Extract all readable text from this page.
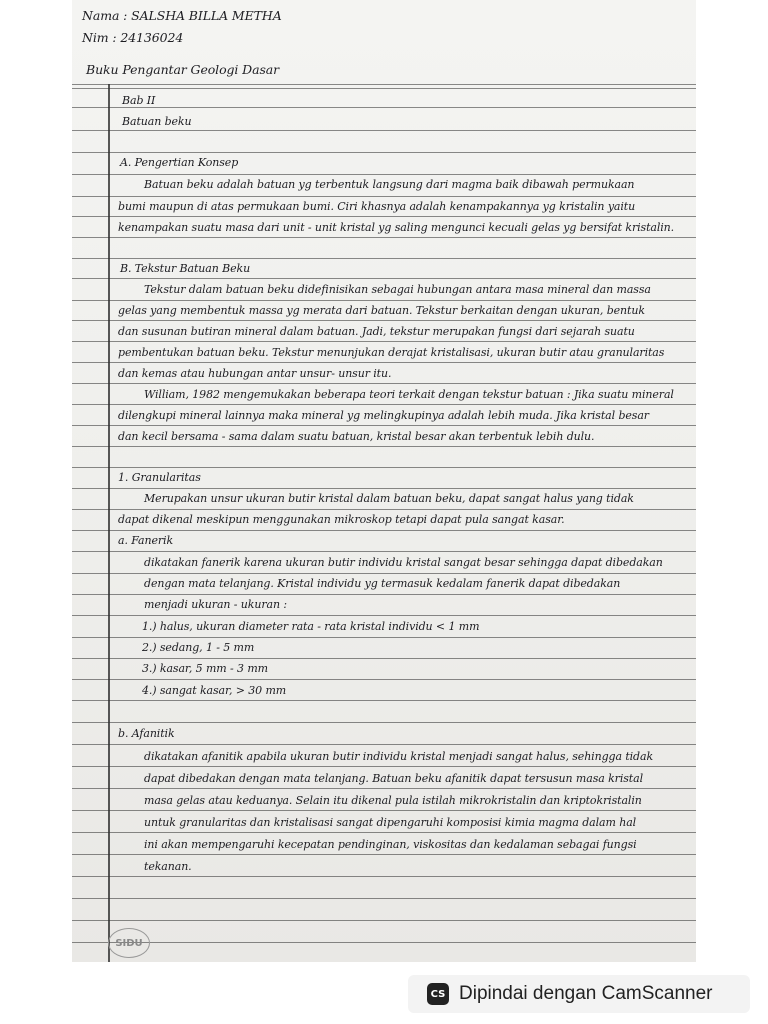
Nama : SALSHA BILLA METHA
Nim : 24136024
Buku Pengantar Geologi Dasar
Bab II
Batuan beku
A. Pengertian Konsep
Batuan beku adalah batuan yg terbentuk langsung dari magma baik dibawah permukaan
bumi maupun di atas permukaan bumi. Ciri khasnya adalah kenampakannya yg kristalin yaitu
kenampakan suatu masa dari unit - unit kristal yg saling mengunci kecuali gelas yg bersifat kristalin.
B. Tekstur Batuan Beku
Tekstur dalam batuan beku didefinisikan sebagai hubungan antara masa mineral dan massa
gelas yang membentuk massa yg merata dari batuan. Tekstur berkaitan dengan ukuran, bentuk
dan susunan butiran mineral dalam batuan. Jadi, tekstur merupakan fungsi dari sejarah suatu
pembentukan batuan beku. Tekstur menunjukan derajat kristalisasi, ukuran butir atau granularitas
dan kemas atau hubungan antar unsur- unsur itu.
William, 1982 mengemukakan beberapa teori terkait dengan tekstur batuan : Jika suatu mineral
dilengkupi mineral lainnya maka mineral yg melingkupinya adalah lebih muda. Jika kristal besar
dan kecil bersama - sama dalam suatu batuan, kristal besar akan terbentuk lebih dulu.
1. Granularitas
Merupakan unsur ukuran butir kristal dalam batuan beku, dapat sangat halus yang tidak
dapat dikenal meskipun menggunakan mikroskop tetapi dapat pula sangat kasar.
a. Fanerik
dikatakan fanerik karena ukuran butir individu kristal sangat besar sehingga dapat dibedakan
dengan mata telanjang. Kristal individu yg termasuk kedalam fanerik dapat dibedakan
menjadi ukuran - ukuran :
1.) halus, ukuran diameter rata - rata kristal individu < 1 mm
2.) sedang, 1 - 5 mm
3.) kasar, 5 mm - 3 mm
4.) sangat kasar, > 30 mm
b. Afanitik
dikatakan afanitik apabila ukuran butir individu kristal menjadi sangat halus, sehingga tidak
dapat dibedakan dengan mata telanjang. Batuan beku afanitik dapat tersusun masa kristal
masa gelas atau keduanya. Selain itu dikenal pula istilah mikrokristalin dan kriptokristalin
untuk granularitas dan kristalisasi sangat dipengaruhi komposisi kimia magma dalam hal
ini akan mempengaruhi kecepatan pendinginan, viskositas dan kedalaman sebagai fungsi
tekanan.
SIDU
CS Dipindai dengan CamScanner
